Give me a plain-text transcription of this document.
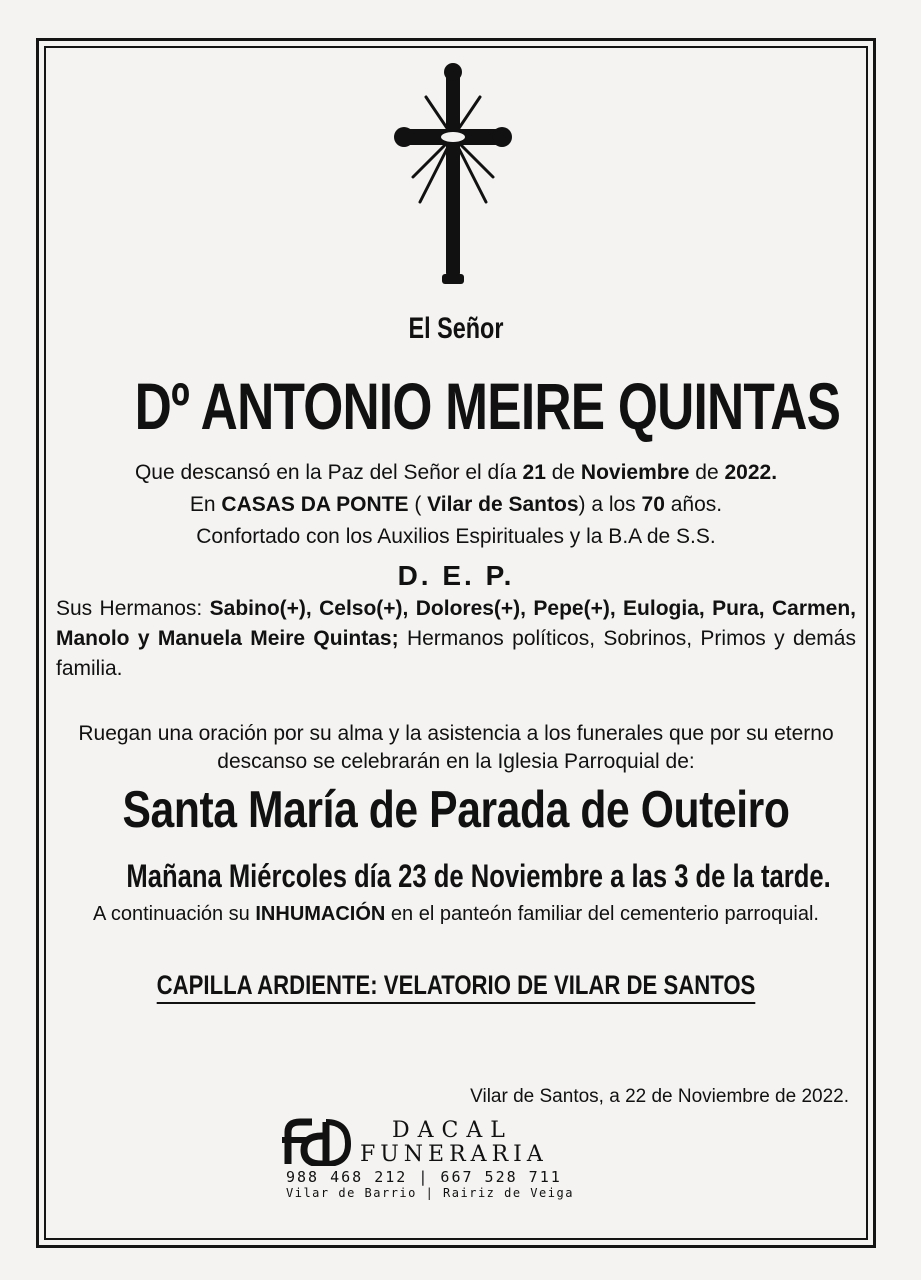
El Señor
Dº ANTONIO MEIRE QUINTAS
Que descansó en la Paz del Señor el día 21 de Noviembre de 2022.
En CASAS DA PONTE ( Vilar de Santos) a los 70 años.
Confortado con los Auxilios Espirituales y la B.A de S.S.
D. E. P.
Sus Hermanos: Sabino(+), Celso(+), Dolores(+), Pepe(+), Eulogia, Pura, Carmen, Manolo y Manuela Meire Quintas; Hermanos políticos, Sobrinos, Primos y demás familia.
Ruegan una oración por su alma y la asistencia a los funerales que por su eterno
descanso se celebrarán en la Iglesia Parroquial de:
Santa María de Parada de Outeiro
Mañana Miércoles día 23 de Noviembre a las 3 de la tarde.
A continuación su INHUMACIÓN en el panteón familiar del cementerio parroquial.
CAPILLA ARDIENTE: VELATORIO DE VILAR DE SANTOS
Vilar de Santos, a 22 de Noviembre de 2022.
DACAL
FUNERARIA
988 468 212 | 667 528 711
Vilar de Barrio | Rairiz de Veiga
